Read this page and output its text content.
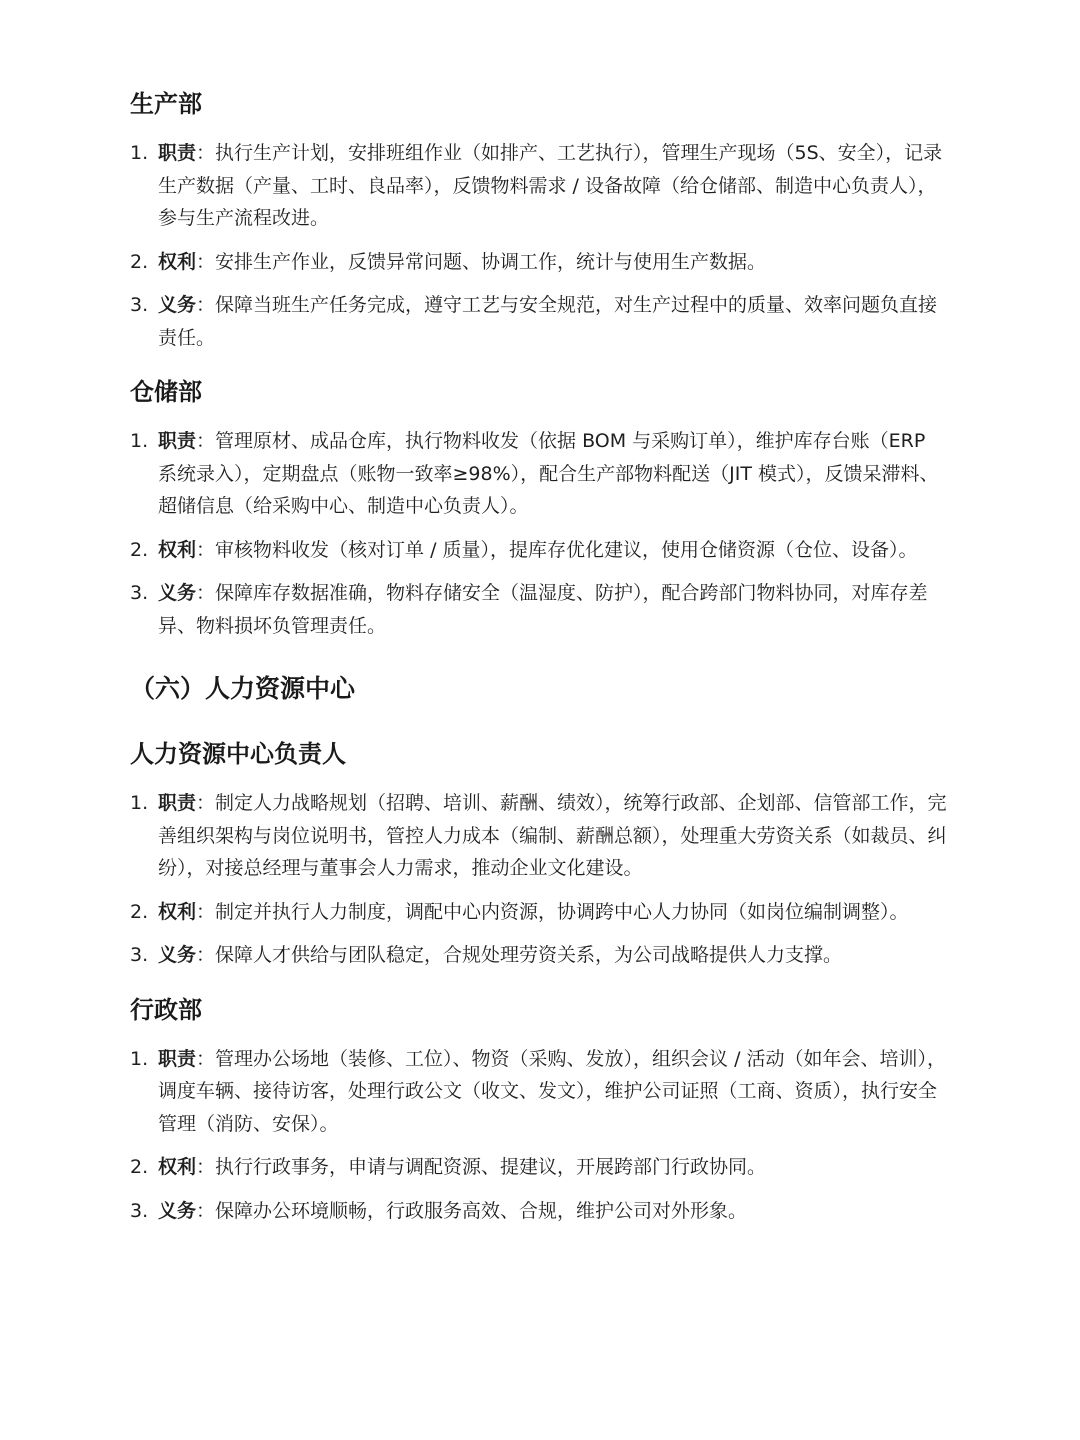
生产部
1. 职责：执行生产计划，安排班组作业（如排产、工艺执行），管理生产现场（5S、安全），记录生产数据（产量、工时、良品率），反馈物料需求 / 设备故障（给仓储部、制造中心负责人），参与生产流程改进。
2. 权利：安排生产作业，反馈异常问题、协调工作，统计与使用生产数据。
3. 义务：保障当班生产任务完成，遵守工艺与安全规范，对生产过程中的质量、效率问题负直接责任。
仓储部
1. 职责：管理原材、成品仓库，执行物料收发（依据 BOM 与采购订单），维护库存台账（ERP 系统录入），定期盘点（账物一致率≥98%），配合生产部物料配送（JIT 模式），反馈呆滞料、超储信息（给采购中心、制造中心负责人）。
2. 权利：审核物料收发（核对订单 / 质量），提库存优化建议，使用仓储资源（仓位、设备）。
3. 义务：保障库存数据准确，物料存储安全（温湿度、防护），配合跨部门物料协同，对库存差异、物料损坏负管理责任。
（六）人力资源中心
人力资源中心负责人
1. 职责：制定人力战略规划（招聘、培训、薪酬、绩效），统筹行政部、企划部、信管部工作，完善组织架构与岗位说明书，管控人力成本（编制、薪酬总额），处理重大劳资关系（如裁员、纠纷），对接总经理与董事会人力需求，推动企业文化建设。
2. 权利：制定并执行人力制度，调配中心内资源，协调跨中心人力协同（如岗位编制调整）。
3. 义务：保障人才供给与团队稳定，合规处理劳资关系，为公司战略提供人力支撑。
行政部
1. 职责：管理办公场地（装修、工位）、物资（采购、发放），组织会议 / 活动（如年会、培训），调度车辆、接待访客，处理行政公文（收文、发文），维护公司证照（工商、资质），执行安全管理（消防、安保）。
2. 权利：执行行政事务，申请与调配资源、提建议，开展跨部门行政协同。
3. 义务：保障办公环境顺畅，行政服务高效、合规，维护公司对外形象。
